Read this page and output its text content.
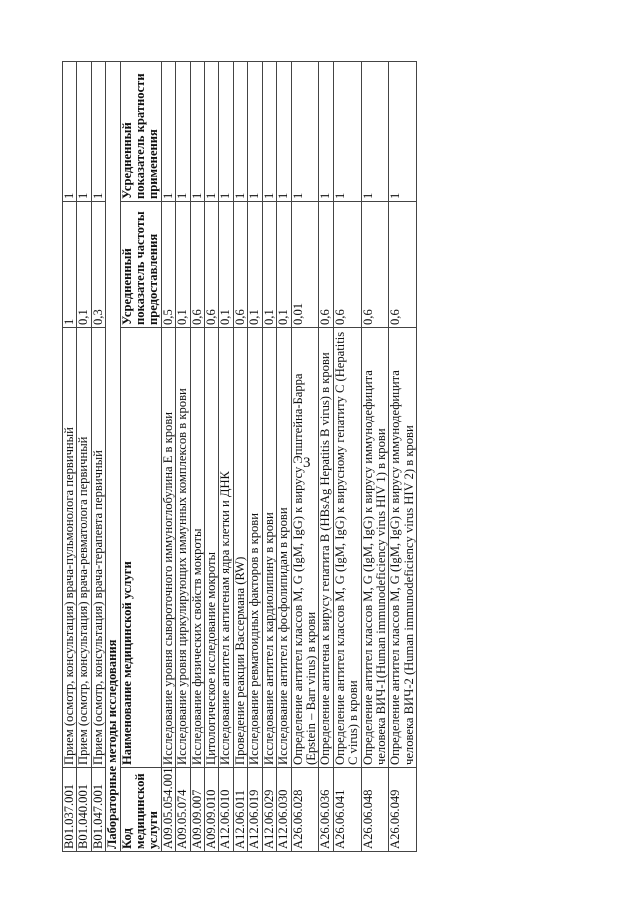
3
B01.037.001	Прием (осмотр, консультация) врача-пульмонолога первичный	1	1
B01.040.001	Прием (осмотр, консультация) врача-ревматолога первичный	0,1	1
B01.047.001	Прием (осмотр, консультация) врача-терапевта первичный	0,3	1
Лабораторные методы исследования			
Код медицинской услуги	Наименование медицинской услуги	Усредненный показатель частоты предоставления	Усредненный показатель кратности применения
A09.05.054.001	Исследование уровня сывороточного иммуноглобулина Е в крови	0,5	1
A09.05.074	Исследование уровня циркулирующих иммунных комплексов в крови	0,1	1
A09.09.007	Исследование физических свойств мокроты	0,6	1
A09.09.010	Цитологическое исследование мокроты	0,6	1
A12.06.010	Исследование антител к антигенам ядра клетки и ДНК	0,1	1
A12.06.011	Проведение реакции Вассермана (RW)	0,6	1
A12.06.019	Исследование ревматоидных факторов в крови	0,1	1
A12.06.029	Исследование антител к кардиолипину в крови	0,1	1
A12.06.030	Исследование антител к фосфолипидам в крови	0,1	1
A26.06.028	Определение антител классов M, G (IgM, IgG) к вирусу Эпштейна-Барра (Epstein – Barr virus) в крови	0,01	1
A26.06.036	Определение антигена к вирусу гепатита B (HBsAg Hepatitis B virus) в крови	0,6	1
A26.06.041	Определение антител классов M, G (IgM, IgG) к вирусному гепатиту C (Hepatitis C virus) в крови	0,6	1
A26.06.048	Определение антител классов M, G (IgM, IgG) к вирусу иммунодефицита человека ВИЧ-1(Human immunodeficiency virus HIV 1) в крови	0,6	1
A26.06.049	Определение антител классов M, G (IgM, IgG) к вирусу иммунодефицита человека ВИЧ-2 (Human immunodeficiency virus HIV 2) в крови	0,6	1
